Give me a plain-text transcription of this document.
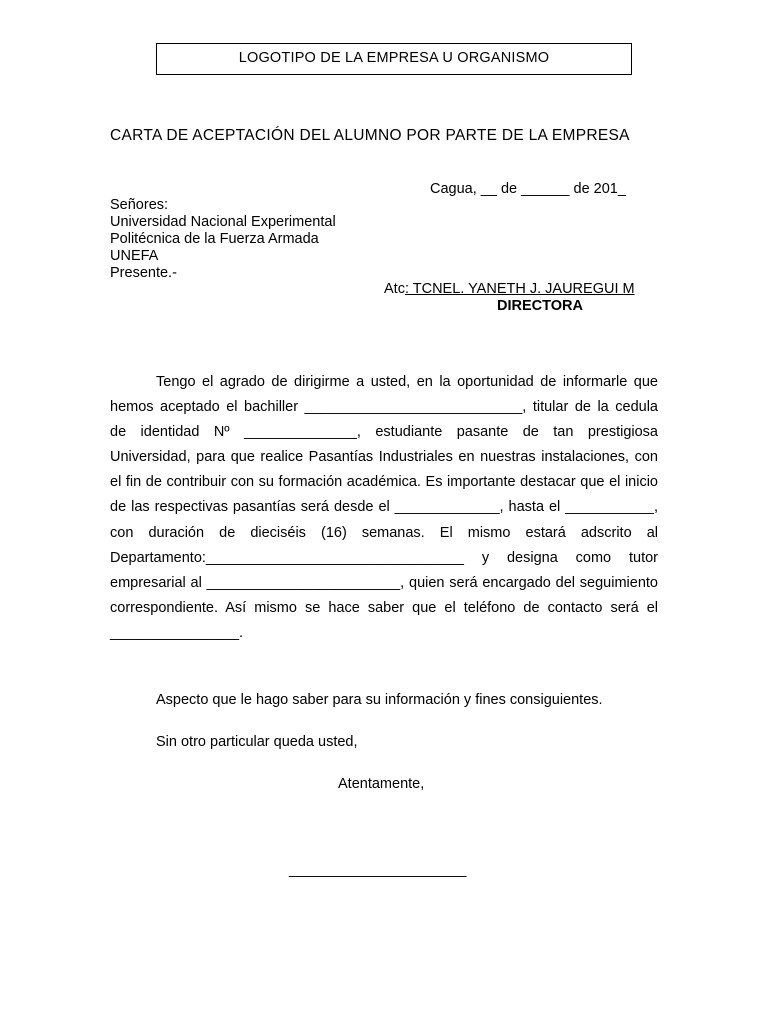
LOGOTIPO DE LA EMPRESA U ORGANISMO
CARTA DE ACEPTACIÓN DEL ALUMNO POR PARTE DE LA EMPRESA
Cagua, __ de ______ de 201_
Señores:
Universidad Nacional Experimental
Politécnica de la Fuerza Armada
UNEFA
Presente.-
Atc: TCNEL. YANETH J. JAUREGUI M
DIRECTORA
Tengo el agrado de dirigirme a usted, en la oportunidad de informarle que hemos aceptado el bachiller ___________________________, titular de la cedula de identidad Nº ______________, estudiante pasante de tan prestigiosa Universidad, para que realice Pasantías Industriales en nuestras instalaciones, con el fin de contribuir con su formación académica. Es importante destacar que el inicio de las respectivas pasantías será desde el _____________, hasta el ___________, con duración de dieciséis (16) semanas. El mismo estará adscrito al Departamento:________________________________ y designa como tutor empresarial al ________________________, quien será encargado del seguimiento correspondiente. Así mismo se hace saber que el teléfono de contacto será el ________________.
Aspecto que le hago saber para su información y fines consiguientes.
Sin otro particular queda usted,
Atentamente,
______________________
